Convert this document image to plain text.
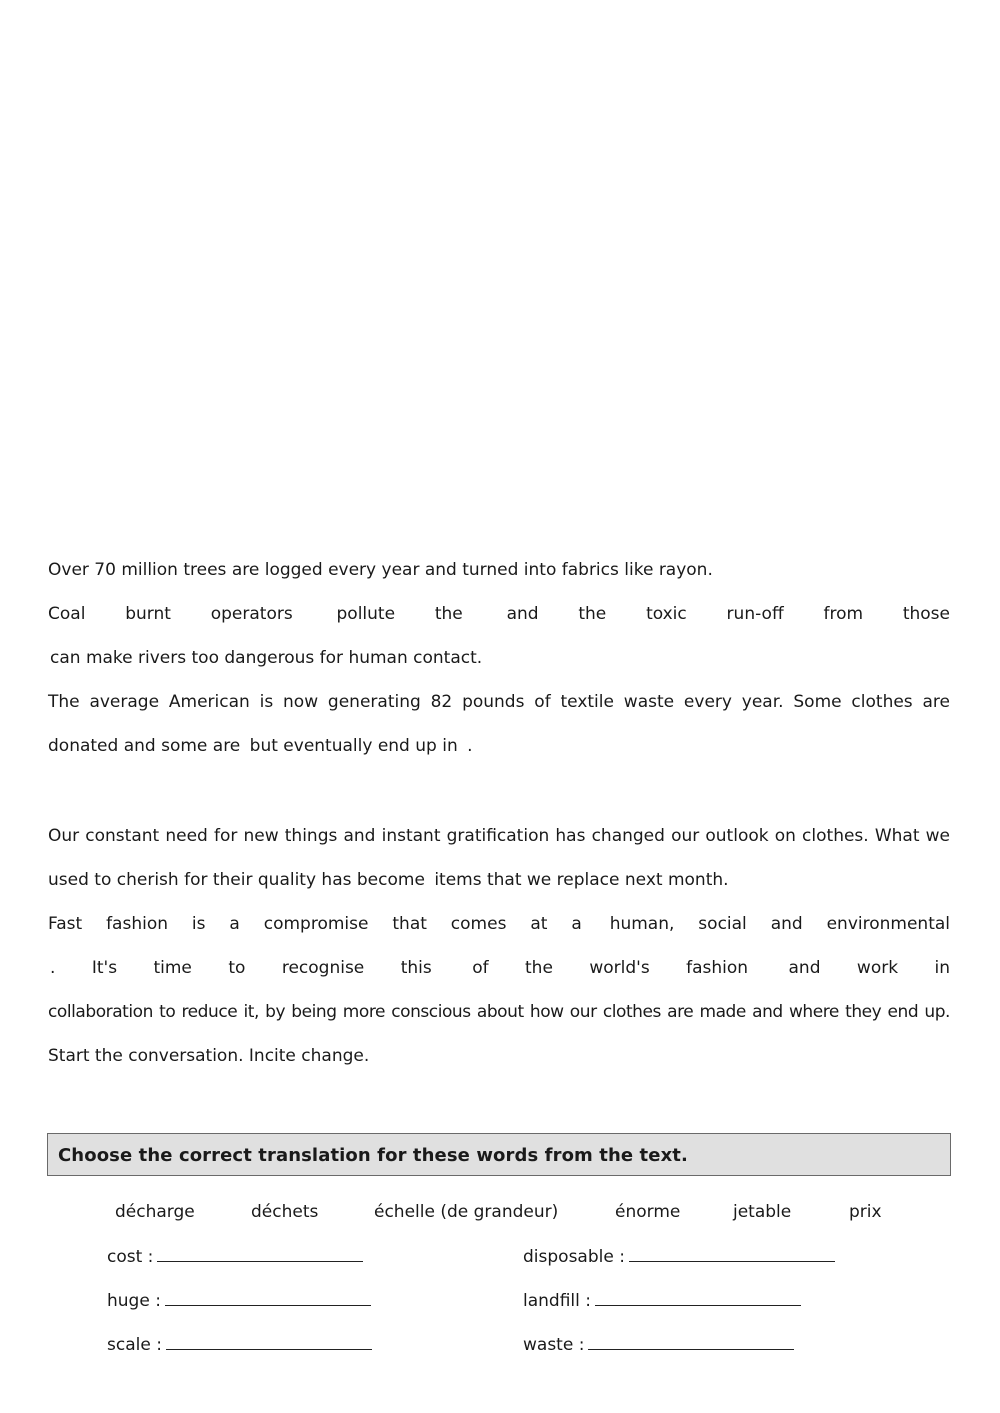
Over 70 million trees are logged every year and turned into fabrics like rayon.
Coal burnt operators	pollute the	and the toxic run-off from those
can make rivers too dangerous for human contact.
The average American is now generating 82 pounds of textile waste every year. Some clothes are
donated and some are but eventually end up in .
Our constant need for new things and instant gratification has changed our outlook on clothes. What we
used to cherish for their quality has become items that we replace next month.
Fast fashion is a compromise that comes at a human, social and environmental
. It's time to recognise this of the world's fashion and work in
collaboration to reduce it, by being more conscious about how our clothes are made and where they end up.
Start the conversation. Incite change.
Choose the correct translation for these words from the text.
décharge	déchets	échelle (de grandeur)	énorme	jetable	prix
cost :	disposable :
huge :	landfill :
scale :	waste :
